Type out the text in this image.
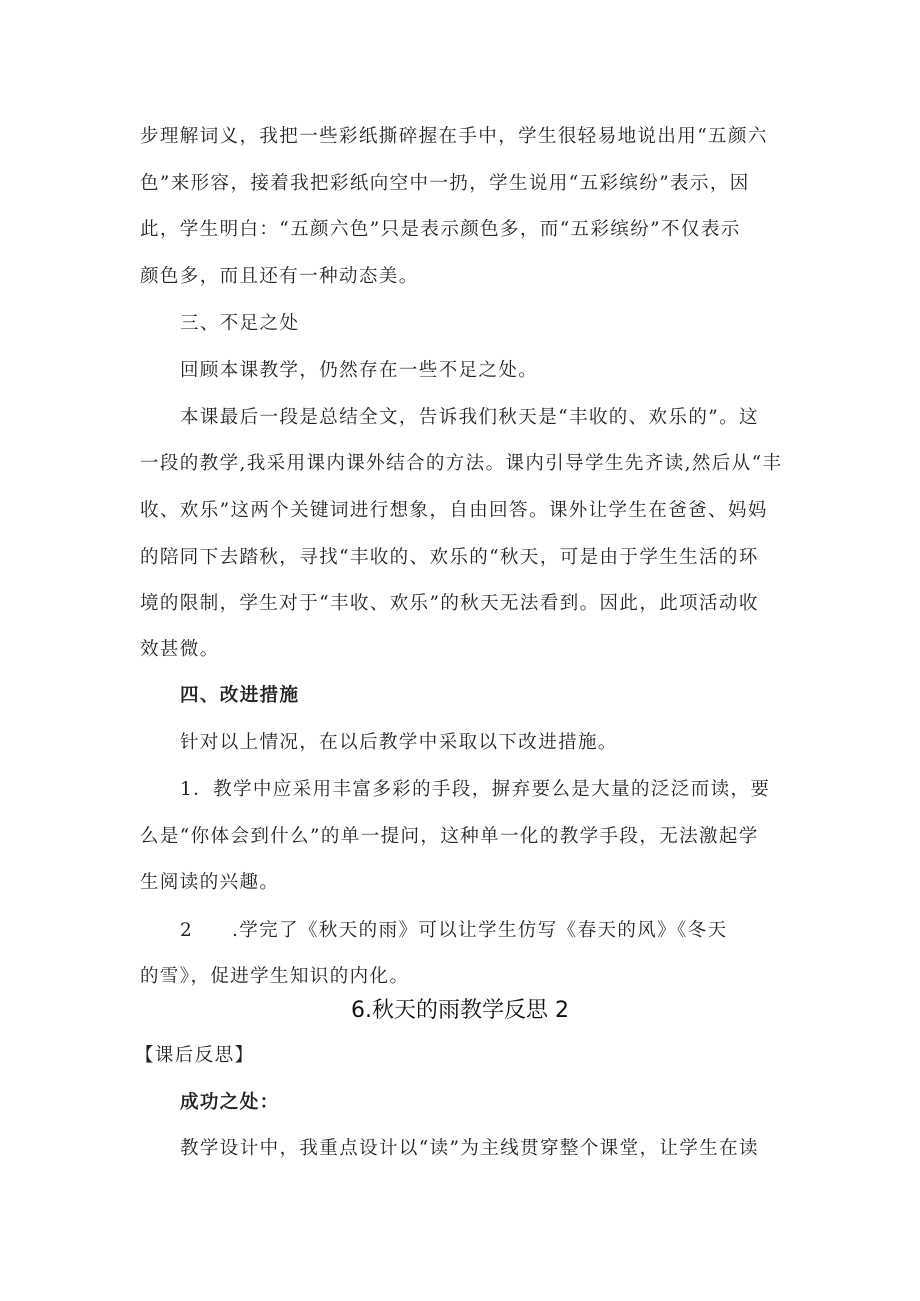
步理解词义，我把一些彩纸撕碎握在手中，学生很轻易地说出用“五颜六
色”来形容，接着我把彩纸向空中一扔，学生说用“五彩缤纷”表示，因
此，学生明白：“五颜六色”只是表示颜色多，而“五彩缤纷”不仅表示
颜色多，而且还有一种动态美。
三、不足之处
回顾本课教学，仍然存在一些不足之处。
本课最后一段是总结全文，告诉我们秋天是“丰收的、欢乐的”。这
一段的教学,我采用课内课外结合的方法。课内引导学生先齐读,然后从“丰
收、欢乐”这两个关键词进行想象，自由回答。课外让学生在爸爸、妈妈
的陪同下去踏秋，寻找“丰收的、欢乐的“秋天，可是由于学生生活的环
境的限制，学生对于“丰收、欢乐”的秋天无法看到。因此，此项活动收
效甚微。
四、改进措施
针对以上情况，在以后教学中采取以下改进措施。
1．教学中应采用丰富多彩的手段，摒弃要么是大量的泛泛而读，要
么是“你体会到什么”的单一提问，这种单一化的教学手段，无法激起学
生阅读的兴趣。
2 .学完了《秋天的雨》可以让学生仿写《春天的风》《冬天
的雪》，促进学生知识的内化。
6.秋天的雨教学反思 2
【课后反思】
成功之处：
教学设计中，我重点设计以“读”为主线贯穿整个课堂，让学生在读
